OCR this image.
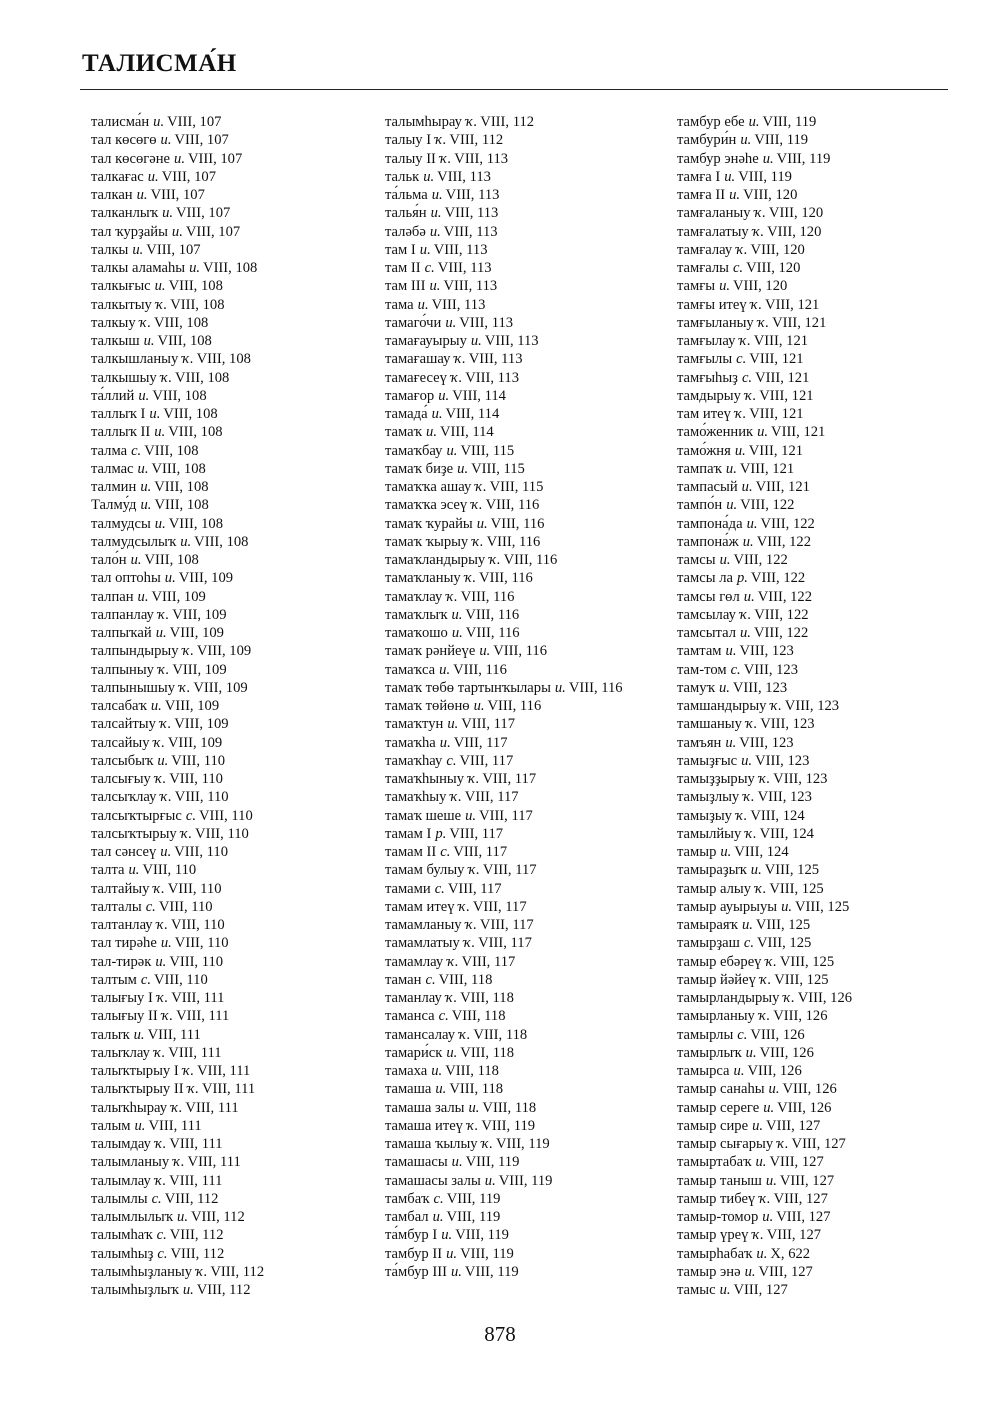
ТАЛИСМА́Н
талисма́н и. VIII, 107
тал көсөгө и. VIII, 107
тал көсөгәне и. VIII, 107
талкағас и. VIII, 107
талкан и. VIII, 107
талканлыҡ и. VIII, 107
тал ҡурҙайы и. VIII, 107
талкы и. VIII, 107
талкы аламаһы и. VIII, 108
талкығыс и. VIII, 108
талкытыу ҡ. VIII, 108
талкыу ҡ. VIII, 108
талкыш и. VIII, 108
талкышланыу ҡ. VIII, 108
талкышыу ҡ. VIII, 108
та́ллий и. VIII, 108
таллыҡ I и. VIII, 108
таллыҡ II и. VIII, 108
талма с. VIII, 108
талмас и. VIII, 108
талмин и. VIII, 108
Талму́д и. VIII, 108
талмудсы и. VIII, 108
талмудсылыҡ и. VIII, 108
тало́н и. VIII, 108
тал оптоһы и. VIII, 109
талпан и. VIII, 109
талпанлау ҡ. VIII, 109
талпыҡай и. VIII, 109
талпындырыу ҡ. VIII, 109
талпыныу ҡ. VIII, 109
талпынышыу ҡ. VIII, 109
талсабаҡ и. VIII, 109
талсайтыу ҡ. VIII, 109
талсайыу ҡ. VIII, 109
талсыбыҡ и. VIII, 110
талсығыу ҡ. VIII, 110
талсыҡлау ҡ. VIII, 110
талсыҡтырғыс с. VIII, 110
талсыҡтырыу ҡ. VIII, 110
тал сәнсеү и. VIII, 110
талта и. VIII, 110
талтайыу ҡ. VIII, 110
талталы с. VIII, 110
талтанлау ҡ. VIII, 110
тал тирәһе и. VIII, 110
тал-тирәк и. VIII, 110
талтым с. VIII, 110
талығыу I ҡ. VIII, 111
талығыу II ҡ. VIII, 111
талыҡ и. VIII, 111
талыҡлау ҡ. VIII, 111
талыҡтырыу I ҡ. VIII, 111
талыҡтырыу II ҡ. VIII, 111
талыҡһырау ҡ. VIII, 111
талым и. VIII, 111
талымдау ҡ. VIII, 111
талымланыу ҡ. VIII, 111
талымлау ҡ. VIII, 111
талымлы с. VIII, 112
талымлылыҡ и. VIII, 112
талымһаҡ с. VIII, 112
талымһыҙ с. VIII, 112
талымһыҙланыу ҡ. VIII, 112
талымһыҙлыҡ и. VIII, 112
талымһырау ҡ. VIII, 112
талыу I ҡ. VIII, 112
талыу II ҡ. VIII, 113
тальк и. VIII, 113
та́льма и. VIII, 113
талья́н и. VIII, 113
таләбә и. VIII, 113
там I и. VIII, 113
там II с. VIII, 113
там III и. VIII, 113
тама и. VIII, 113
тамаго́чи и. VIII, 113
тамағауырыу и. VIII, 113
тамағашау ҡ. VIII, 113
тамағесеү ҡ. VIII, 113
тамағор и. VIII, 114
тамада́ и. VIII, 114
тамаҡ и. VIII, 114
тамаҡбау и. VIII, 115
тамаҡ биҙе и. VIII, 115
тамаҡҡа ашау ҡ. VIII, 115
тамаҡҡа эсеү ҡ. VIII, 116
тамаҡ ҡурайы и. VIII, 116
тамаҡ ҡырыу ҡ. VIII, 116
тамаҡландырыу ҡ. VIII, 116
тамаҡланыу ҡ. VIII, 116
тамаҡлау ҡ. VIII, 116
тамаҡлыҡ и. VIII, 116
тамаҡошо и. VIII, 116
тамаҡ рәнйеүе и. VIII, 116
тамаҡса и. VIII, 116
тамаҡ төбө тартынҡылары и. VIII, 116
тамаҡ төйөнө и. VIII, 116
тамаҡтун и. VIII, 117
тамаҡһа и. VIII, 117
тамаҡһау с. VIII, 117
тамаҡһыныу ҡ. VIII, 117
тамаҡһыу ҡ. VIII, 117
тамаҡ шеше и. VIII, 117
тамам I р. VIII, 117
тамам II с. VIII, 117
тамам булыу ҡ. VIII, 117
тамами с. VIII, 117
тамам итеү ҡ. VIII, 117
тамамланыу ҡ. VIII, 117
тамамлатыу ҡ. VIII, 117
тамамлау ҡ. VIII, 117
таман с. VIII, 118
таманлау ҡ. VIII, 118
таманса с. VIII, 118
тамансалау ҡ. VIII, 118
тамари́ск и. VIII, 118
тамаха и. VIII, 118
тамаша и. VIII, 118
тамаша залы и. VIII, 118
тамаша итеү ҡ. VIII, 119
тамаша ҡылыу ҡ. VIII, 119
тамашасы и. VIII, 119
тамашасы залы и. VIII, 119
тамбаҡ с. VIII, 119
тамбал и. VIII, 119
та́мбур I и. VIII, 119
тамбур II и. VIII, 119
та́мбур III и. VIII, 119
тамбур ебе и. VIII, 119
тамбури́н и. VIII, 119
тамбур энәһе и. VIII, 119
тамға I и. VIII, 119
тамға II и. VIII, 120
тамғаланыу ҡ. VIII, 120
тамғалатыу ҡ. VIII, 120
тамғалау ҡ. VIII, 120
тамғалы с. VIII, 120
тамғы и. VIII, 120
тамғы итеү ҡ. VIII, 121
тамғыланыу ҡ. VIII, 121
тамғылау ҡ. VIII, 121
тамғылы с. VIII, 121
тамғыһыҙ с. VIII, 121
тамдырыу ҡ. VIII, 121
там итеү ҡ. VIII, 121
тамо́женник и. VIII, 121
тамо́жня и. VIII, 121
тампаҡ и. VIII, 121
тампасый и. VIII, 121
тампо́н и. VIII, 122
тампона́да и. VIII, 122
тампона́ж и. VIII, 122
тамсы и. VIII, 122
тамсы ла р. VIII, 122
тамсы гөл и. VIII, 122
тамсылау ҡ. VIII, 122
тамсытал и. VIII, 122
тамтам и. VIII, 123
там-том с. VIII, 123
тамуҡ и. VIII, 123
тамшандырыу ҡ. VIII, 123
тамшаныу ҡ. VIII, 123
тамъян и. VIII, 123
тамыҙғыс и. VIII, 123
тамыҙҙырыу ҡ. VIII, 123
тамыҙлыу ҡ. VIII, 123
тамыҙыу ҡ. VIII, 124
тамылйыу ҡ. VIII, 124
тамыр и. VIII, 124
тамыраҙыҡ и. VIII, 125
тамыр алыу ҡ. VIII, 125
тамыр ауырыуы и. VIII, 125
тамыраяҡ и. VIII, 125
тамырҙаш с. VIII, 125
тамыр ебәреү ҡ. VIII, 125
тамыр йәйеү ҡ. VIII, 125
тамырландырыу ҡ. VIII, 126
тамырланыу ҡ. VIII, 126
тамырлы с. VIII, 126
тамырлыҡ и. VIII, 126
тамырса и. VIII, 126
тамыр санаһы и. VIII, 126
тамыр сереге и. VIII, 126
тамыр сире и. VIII, 127
тамыр сығарыу ҡ. VIII, 127
тамыртабаҡ и. VIII, 127
тамыр таныш и. VIII, 127
тамыр тибеү ҡ. VIII, 127
тамыр-томор и. VIII, 127
тамыр үреү ҡ. VIII, 127
тамырһабаҡ и. X, 622
тамыр энә и. VIII, 127
тамыс и. VIII, 127
878
